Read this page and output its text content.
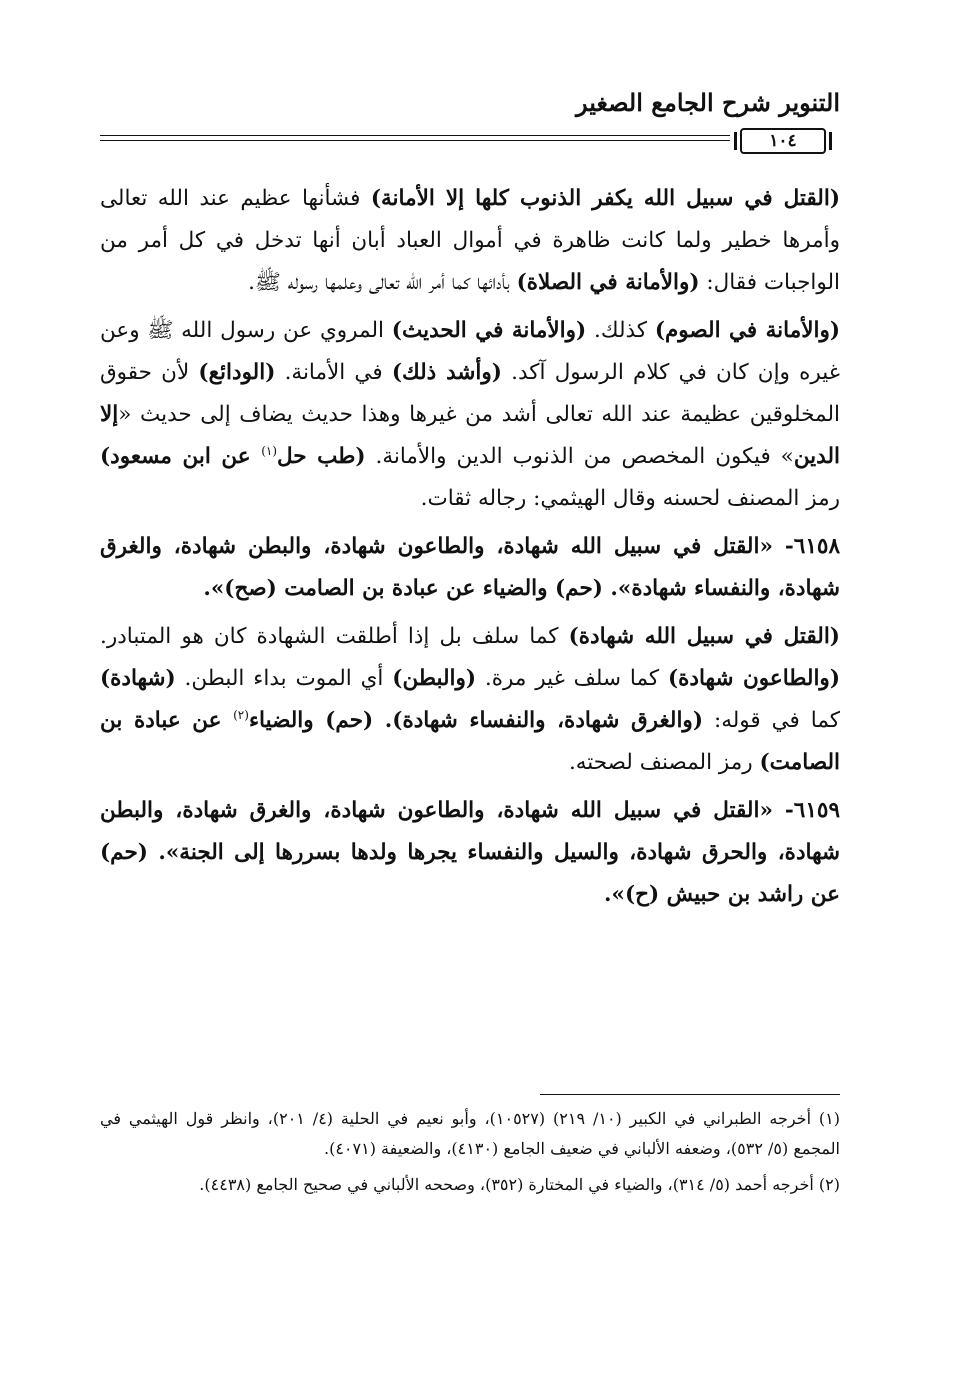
التنوير شرح الجامع الصغير
١٠٤

(القتل في سبيل الله يكفر الذنوب كلها إلا الأمانة) فشأنها عظيم عند الله تعالى وأمرها خطير ولما كانت ظاهرة في أموال العباد أبان أنها تدخل في كل أمر من الواجبات فقال: (والأمانة في الصلاة) بأدائها كما أمر الله تعالى وعلمها رسوله ﷺ.

(والأمانة في الصوم) كذلك. (والأمانة في الحديث) المروي عن رسول الله ﷺ وعن غيره وإن كان في كلام الرسول آكد. (وأشد ذلك) في الأمانة. (الودائع) لأن حقوق المخلوقين عظيمة عند الله تعالى أشد من غيرها وهذا حديث يضاف إلى حديث «إلا الدين» فيكون المخصص من الذنوب الدين والأمانة. (طب حل$^{(١)}$ عن ابن مسعود) رمز المصنف لحسنه وقال الهيثمي: رجاله ثقات.

٦١٥٨- «القتل في سبيل الله شهادة، والطاعون شهادة، والبطن شهادة، والغرق شهادة، والنفساء شهادة». (حم) والضياء عن عبادة بن الصامت (صح)».

(القتل في سبيل الله شهادة) كما سلف بل إذا أطلقت الشهادة كان هو المتبادر. (والطاعون شهادة) كما سلف غير مرة. (والبطن) أي الموت بداء البطن. (شهادة) كما في قوله: (والغرق شهادة، والنفساء شهادة). (حم) والضياء$^{(٢)}$ عن عبادة بن الصامت) رمز المصنف لصحته.

٦١٥٩- «القتل في سبيل الله شهادة، والطاعون شهادة، والغرق شهادة، والبطن شهادة، والحرق شهادة، والسيل والنفساء يجرها ولدها بسررها إلى الجنة». (حم) عن راشد بن حبيش (ح)».

(١) أخرجه الطبراني في الكبير (١٠/ ٢١٩) (١٠٥٢٧)، وأبو نعيم في الحلية (٤/ ٢٠١)، وانظر قول الهيثمي في المجمع (٥/ ٥٣٢)، وضعفه الألباني في ضعيف الجامع (٤١٣٠)، والضعيفة (٤٠٧١).

(٢) أخرجه أحمد (٥/ ٣١٤)، والضياء في المختارة (٣٥٢)، وصححه الألباني في صحيح الجامع (٤٤٣٨).
